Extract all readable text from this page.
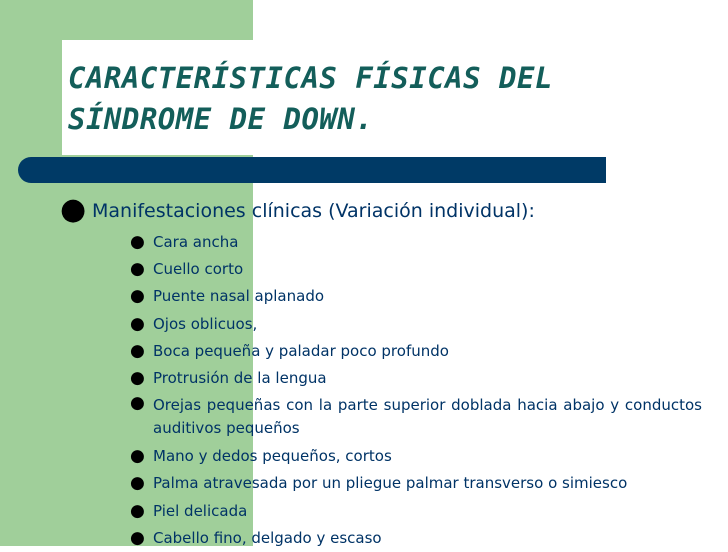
CARACTERÍSTICAS FÍSICAS DEL
SÍNDROME DE DOWN.
● Manifestaciones clínicas (Variación individual):
● Cara ancha
● Cuello corto
● Puente nasal aplanado
● Ojos oblicuos,
● Boca pequeña y paladar poco profundo
● Protrusión de la lengua
● Orejas pequeñas con la parte superior doblada hacia abajo y conductos auditivos pequeños
● Mano y dedos pequeños, cortos
● Palma atravesada por un pliegue palmar transverso o simiesco
● Piel delicada
● Cabello fino, delgado y escaso
